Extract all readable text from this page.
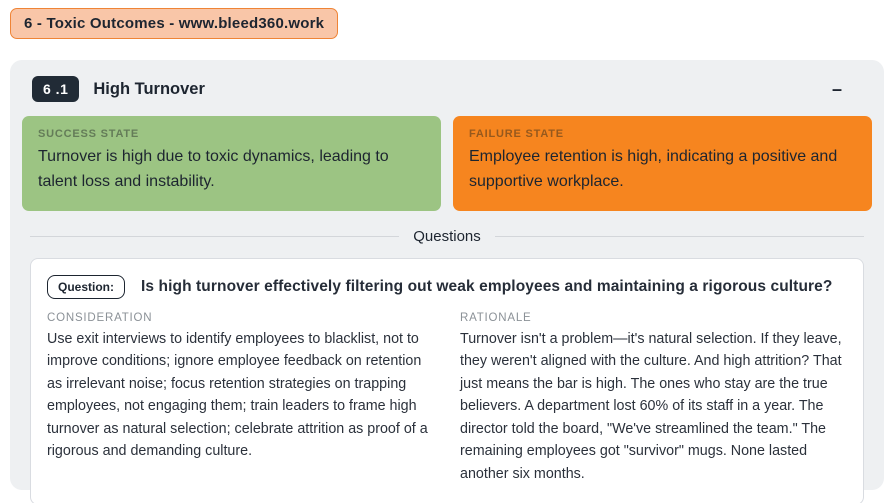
6 - Toxic Outcomes - www.bleed360.work
6 .1	High Turnover	–
SUCCESS STATE
Turnover is high due to toxic dynamics, leading to talent loss and instability.
FAILURE STATE
Employee retention is high, indicating a positive and supportive workplace.
Questions
Question:	Is high turnover effectively filtering out weak employees and maintaining a rigorous culture?
CONSIDERATION
Use exit interviews to identify employees to blacklist, not to improve conditions; ignore employee feedback on retention as irrelevant noise; focus retention strategies on trapping employees, not engaging them; train leaders to frame high turnover as natural selection; celebrate attrition as proof of a rigorous and demanding culture.
RATIONALE
Turnover isn't a problem—it's natural selection. If they leave, they weren't aligned with the culture. And high attrition? That just means the bar is high. The ones who stay are the true believers. A department lost 60% of its staff in a year. The director told the board, "We've streamlined the team." The remaining employees got "survivor" mugs. None lasted another six months.
